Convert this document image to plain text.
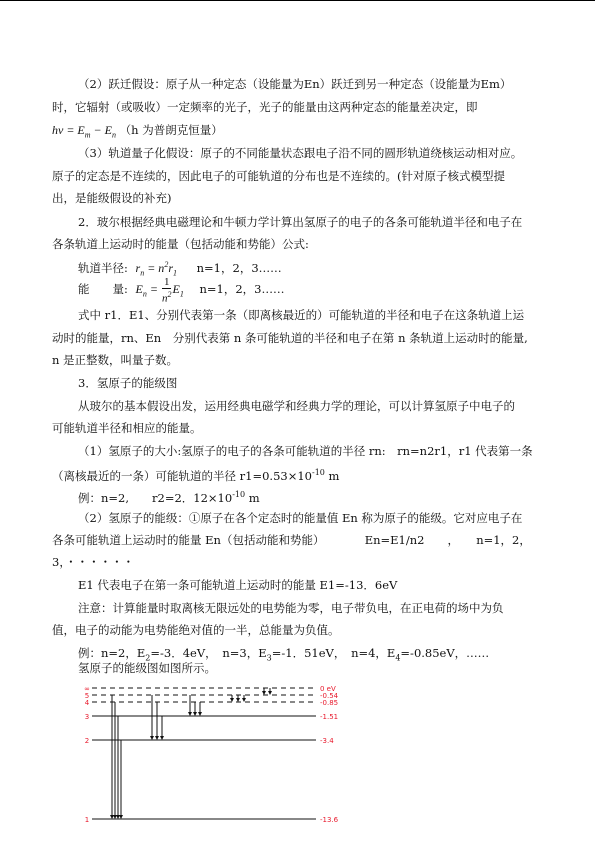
（2）跃迁假设：原子从一种定态（设能量为En）跃迁到另一种定态（设能量为Em）
时，它辐射（或吸收）一定频率的光子，光子的能量由这两种定态的能量差决定，即
$h\nu = E_m - E_n$ （h 为普朗克恒量）
（3）轨道量子化假设：原子的不同能量状态跟电子沿不同的圆形轨道绕核运动相对应。
原子的定态是不连续的，因此电子的可能轨道的分布也是不连续的。(针对原子核式模型提
出，是能级假设的补充)
2．玻尔根据经典电磁理论和牛顿力学计算出氢原子的电子的各条可能轨道半径和电子在
各条轨道上运动时的能量（包括动能和势能）公式:
轨道半径: $r_n = n^2r_1$ n=1，2，3……
能　　量: $E_n = \frac{1}{n^2} E_1$ n=1，2，3……
式中 r1．E1、分别代表第一条（即离核最近的）可能轨道的半径和电子在这条轨道上运
动时的能量，rn、En　分别代表第 n 条可能轨道的半径和电子在第 n 条轨道上运动时的能量,
n 是正整数，叫量子数。
3．氢原子的能级图
从玻尔的基本假设出发，运用经典电磁学和经典力学的理论，可以计算氢原子中电子的
可能轨道半径和相应的能量。
（1）氢原子的大小:氢原子的电子的各条可能轨道的半径 rn:　rn=n2r1，r1 代表第一条
（离核最近的一条）可能轨道的半径 $r1=0.53\times 10^{-10}$ m
例：n=2,　　r2=2．$12\times 10^{-10}$ m
（2）氢原子的能级：①原子在各个定态时的能量值 En 称为原子的能级。它对应电子在
各条可能轨道上运动时的能量 En（包括动能和势能）　　　　En=E1/n2　　，　　n=1，2，
3，・・・・・・
E1 代表电子在第一条可能轨道上运动时的能量 E1=-13．6eV
注意：计算能量时取离核无限远处的电势能为零，电子带负电，在正电荷的场中为负
值，电子的动能为电势能绝对值的一半，总能量为负值。
例：n=2，$E_2=-3$．4eV，　n=3，$E_3=-1$．51eV，　n=4，$E_4=-0.85eV$，……
氢原子的能级图如图所示。
∞	0 eV
5	-0.54
4	-0.85
3	-1.51
2	-3.4
1	-13.6
